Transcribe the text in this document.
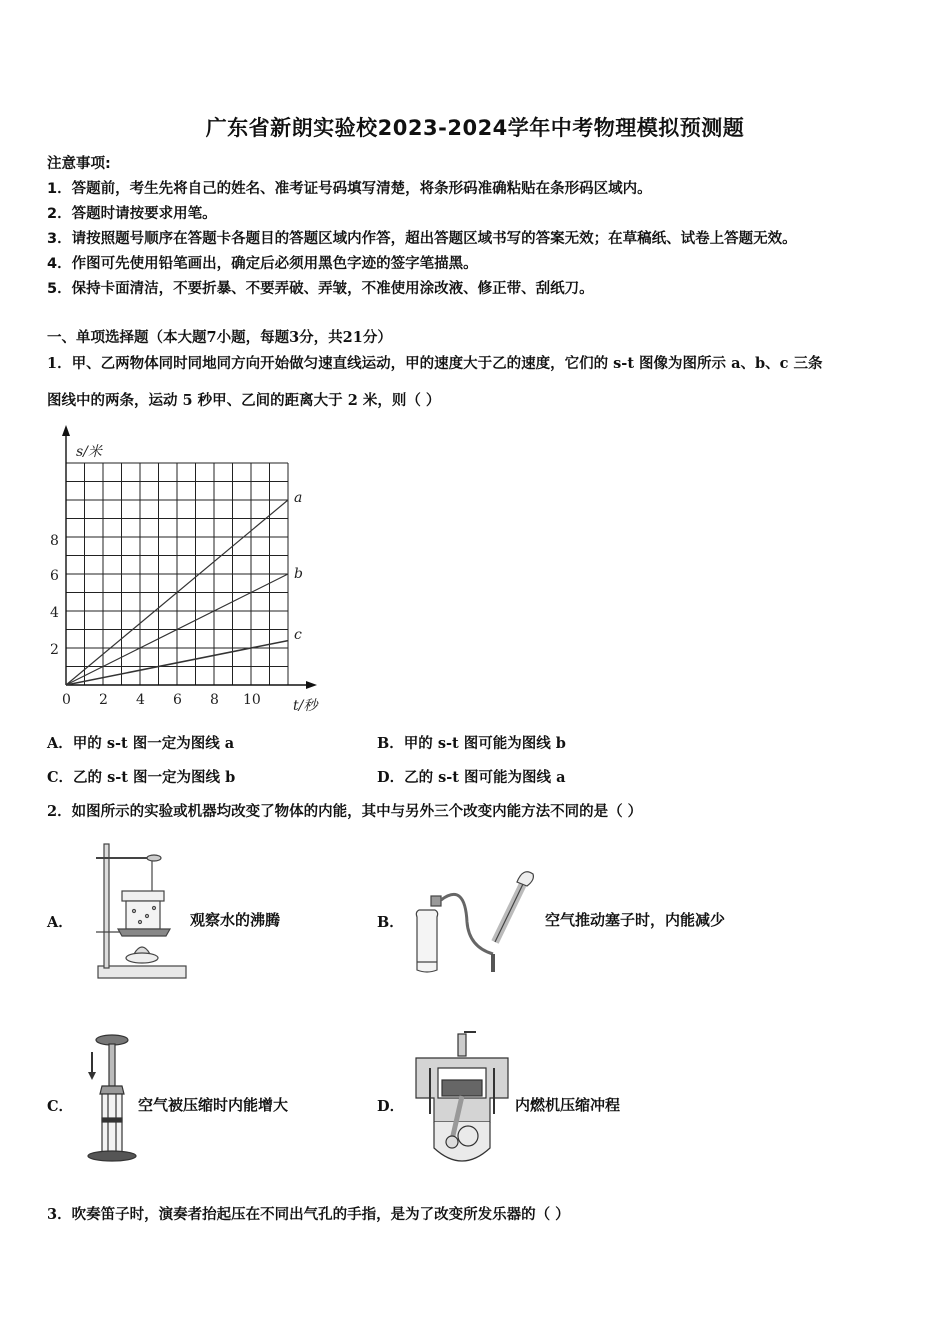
广东省新朗实验校2023-2024学年中考物理模拟预测题
注意事项:
1．答题前，考生先将自己的姓名、准考证号码填写清楚，将条形码准确粘贴在条形码区域内。
2．答题时请按要求用笔。
3．请按照题号顺序在答题卡各题目的答题区域内作答，超出答题区域书写的答案无效；在草稿纸、试卷上答题无效。
4．作图可先使用铅笔画出，确定后必须用黑色字迹的签字笔描黑。
5．保持卡面清洁，不要折暴、不要弄破、弄皱，不准使用涂改液、修正带、刮纸刀。
一、单项选择题（本大题7小题，每题3分，共21分）
1．甲、乙两物体同时同地同方向开始做匀速直线运动，甲的速度大于乙的速度，它们的 s-t 图像为图所示 a、b、c 三条
图线中的两条，运动 5 秒甲、乙间的距离大于 2 米，则（ ）
a
b
c
s/米
t/秒
8
6
4
2
0 2 4 6 8 10
A．甲的 s-t 图一定为图线 a	B．甲的 s-t 图可能为图线 b
C．乙的 s-t 图一定为图线 b	D．乙的 s-t 图可能为图线 a
2．如图所示的实验或机器均改变了物体的内能，其中与另外三个改变内能方法不同的是（ ）
A．	观察水的沸腾	B．	空气推动塞子时，内能减少
C．	空气被压缩时内能增大	D．	内燃机压缩冲程
3．吹奏笛子时，演奏者抬起压在不同出气孔的手指，是为了改变所发乐器的（ ）
